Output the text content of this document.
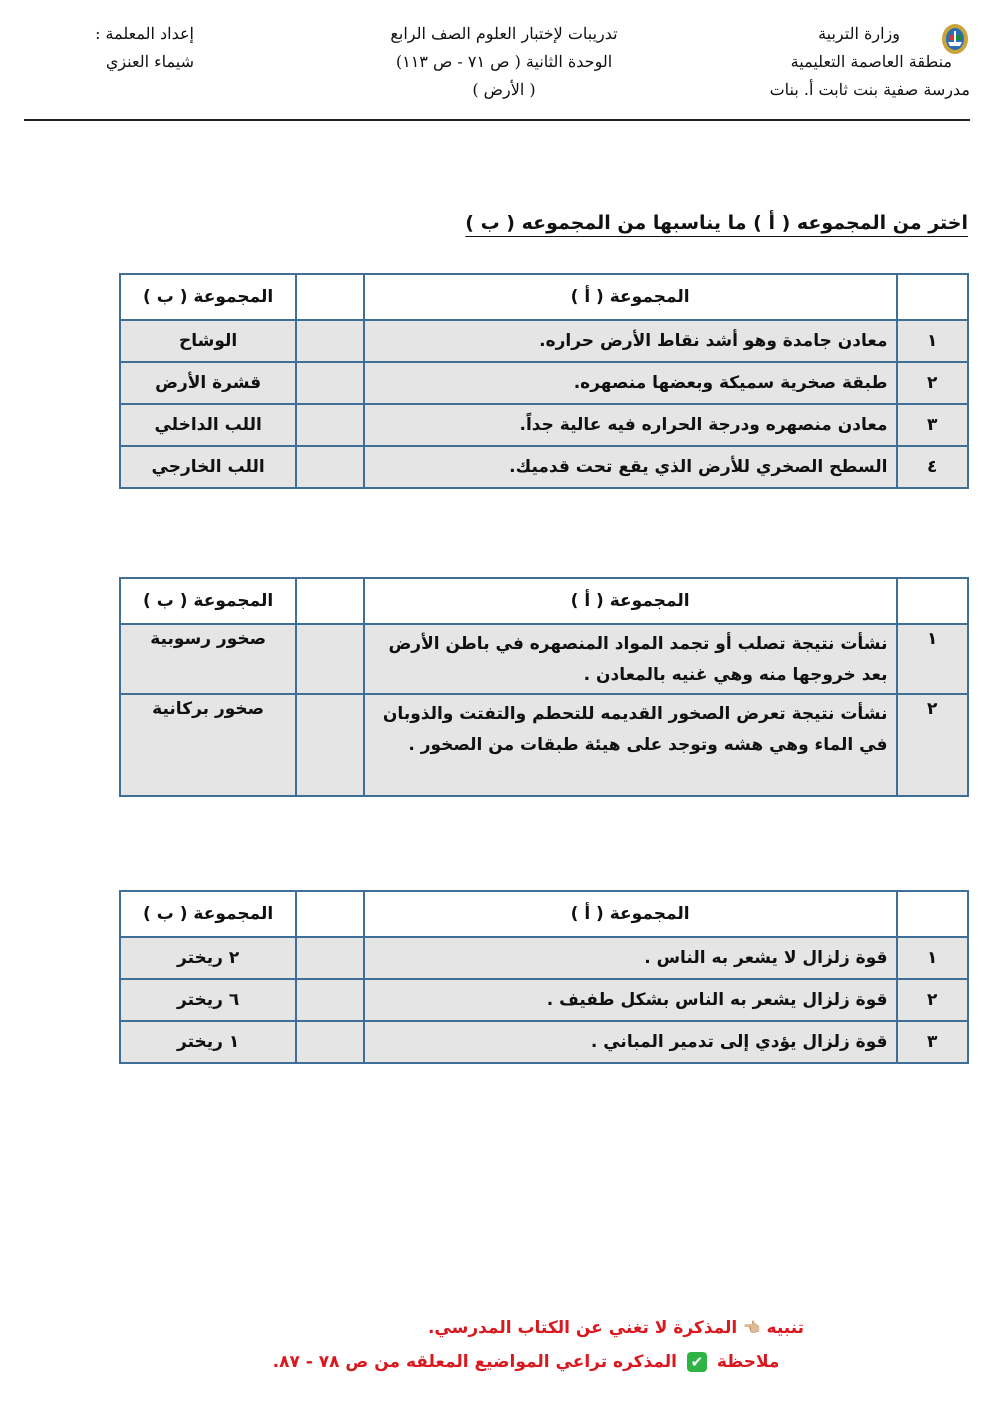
وزارة التربية
منطقة العاصمة التعليمية
مدرسة صفية بنت ثابت أ. بنات
تدريبات لإختبار العلوم الصف الرابع
الوحدة الثانية ( ص ٧١ - ص ١١٣)
( الأرض )
إعداد المعلمة :
شيماء العنزي
اختر من المجموعه ( أ ) ما يناسبها من المجموعه ( ب )
	المجموعة ( أ )		المجموعة ( ب )
١	معادن جامدة وهو أشد نقاط الأرض حراره.		الوشاح
٢	طبقة صخرية سميكة وبعضها منصهره.		قشرة الأرض
٣	معادن منصهره ودرجة الحراره فيه عالية جداً.		اللب الداخلي
٤	السطح الصخري للأرض الذي يقع تحت قدميك.		اللب الخارجي
	المجموعة ( أ )		المجموعة ( ب )
١	نشأت نتيجة تصلب أو تجمد المواد المنصهره في باطن الأرض بعد خروجها منه وهي غنيه بالمعادن .		صخور رسوبية
٢	نشأت نتيجة تعرض الصخور القديمه للتحطم والتفتت والذوبان في الماء وهي هشه وتوجد على هيئة طبقات من الصخور .		صخور بركانية
	المجموعة ( أ )		المجموعة ( ب )
١	قوة زلزال لا يشعر به الناس .		٢ ريختر
٢	قوة زلزال يشعر به الناس بشكل طفيف .		٦ ريختر
٣	قوة زلزال يؤدي إلى تدمير المباني .		١ ريختر
تنبيه 👈🏼 المذكرة لا تغني عن الكتاب المدرسي.
ملاحظة ✔ المذكره تراعي المواضيع المعلقه من ص ٧٨ - ٨٧.
